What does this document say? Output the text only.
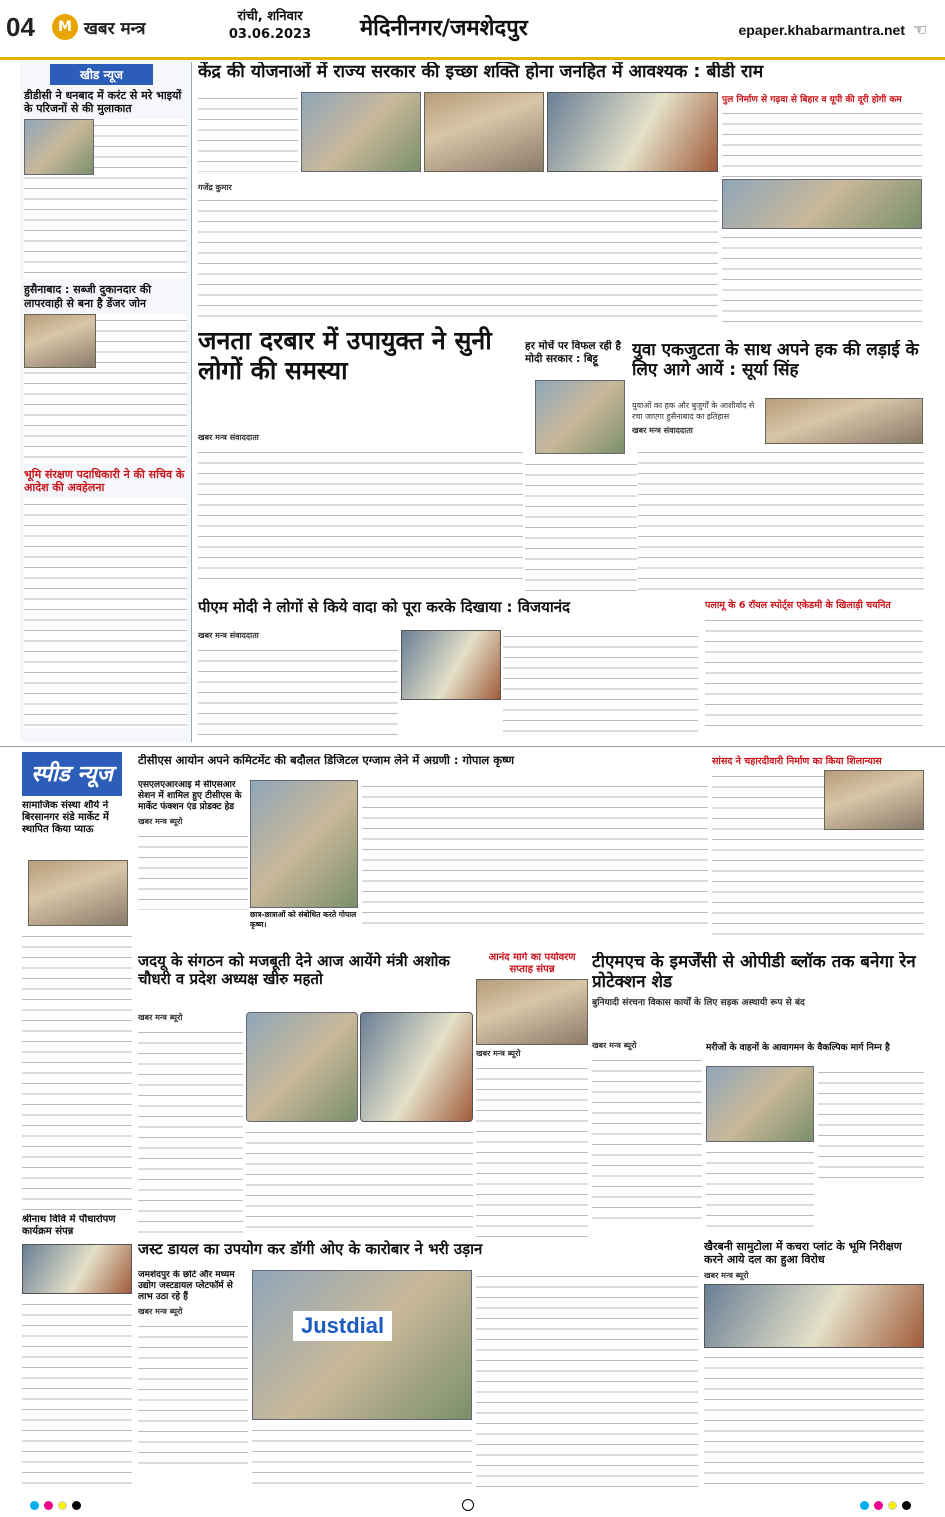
04	M खबर मन्त्र
रांची, शनिवार
03.06.2023	मेदिनीनगर/जमशेदपुर	epaper.khabarmantra.net ☜
खीड न्यूज
डीडीसी ने धनबाद में करंट से मरे भाइयों के परिजनों से की मुलाकात
हुसैनाबाद : सब्जी दुकानदार की लापरवाही से बना है डेंजर जोन
भूमि संरक्षण पदाधिकारी ने की सचिव के आदेश की अवहेलना
केंद्र की योजनाओं में राज्य सरकार की इच्छा शक्ति होना जनहित में आवश्यक : बीडी राम
गजेंद्र कुमार
पुल निर्माण से गढ़वा से बिहार व यूपी की दूरी होगी कम
जनता दरबार में उपायुक्त ने सुनी लोगों की समस्या
खबर मन्त्र संवाददाता
हर मोर्चे पर विफल रही है मोदी सरकार : बिट्टू	युवा एकजुटता के साथ अपने हक की लड़ाई के लिए आगे आयें : सूर्या सिंह
युवाओं का हक और बुजुर्गों के आशीर्वाद से रचा जाएगा हुसैनाबाद का इतिहास
खबर मन्त्र संवाददाता
पीएम मोदी ने लोगों से किये वादा को पूरा करके दिखाया : विजयानंद
खबर मन्त्र संवाददाता
पलामू के 6 रॉयल स्पोर्ट्स एकेडमी के खिलाड़ी चयनित
स्पीड न्यूज
सामाजिक संस्था शौर्य ने बिरसानगर संडे मार्केट में स्थापित किया प्याऊ
श्रीनाथ विवि में पौधारोपण कार्यक्रम संपन्न
टीसीएस आयोन अपने कमिटमेंट की बदौलत डिजिटल एग्जाम लेने में अग्रणी : गोपाल कृष्ण
एसएलएआरआइ में सीएसआर सेशन में शामिल हुए टीसीएस के मार्केट फंक्शन एंड प्रोडक्ट हेड
खबर मन्त्र ब्यूरो
छात्र-छात्राओं को संबोधित करते गोपाल कृष्ण।
सांसद ने चहारदीवारी निर्माण का किया शिलान्यास
जदयू के संगठन को मजबूती देने आज आयेंगे मंत्री अशोक चौधरी व प्रदेश अध्यक्ष खीरु महतो
खबर मन्त्र ब्यूरो
आनंद मार्ग का पर्यावरण सप्ताह संपन्न
खबर मन्त्र ब्यूरो
टीएमएच के इमर्जेंसी से ओपीडी ब्लॉक तक बनेगा रेन प्रोटेक्शन शेड
बुनियादी संरचना विकास कार्यों के लिए सड़क अस्थायी रूप से बंद
खबर मन्त्र ब्यूरो	मरीजों के वाहनों के आवागमन के वैकल्पिक मार्ग निम्न है
जस्ट डायल का उपयोग कर डॉगी ओए के कारोबार ने भरी उड़ान
जमशेदपुर के छोटे और मध्यम उद्योग जस्टडायल प्लेटफॉर्म से लाभ उठा रहे हैं
खबर मन्त्र ब्यूरो
Justdial
खैरबनी सामुटोला में कचरा प्लांट के भूमि निरीक्षण करने आये दल का हुआ विरोध
खबर मन्त्र ब्यूरो
